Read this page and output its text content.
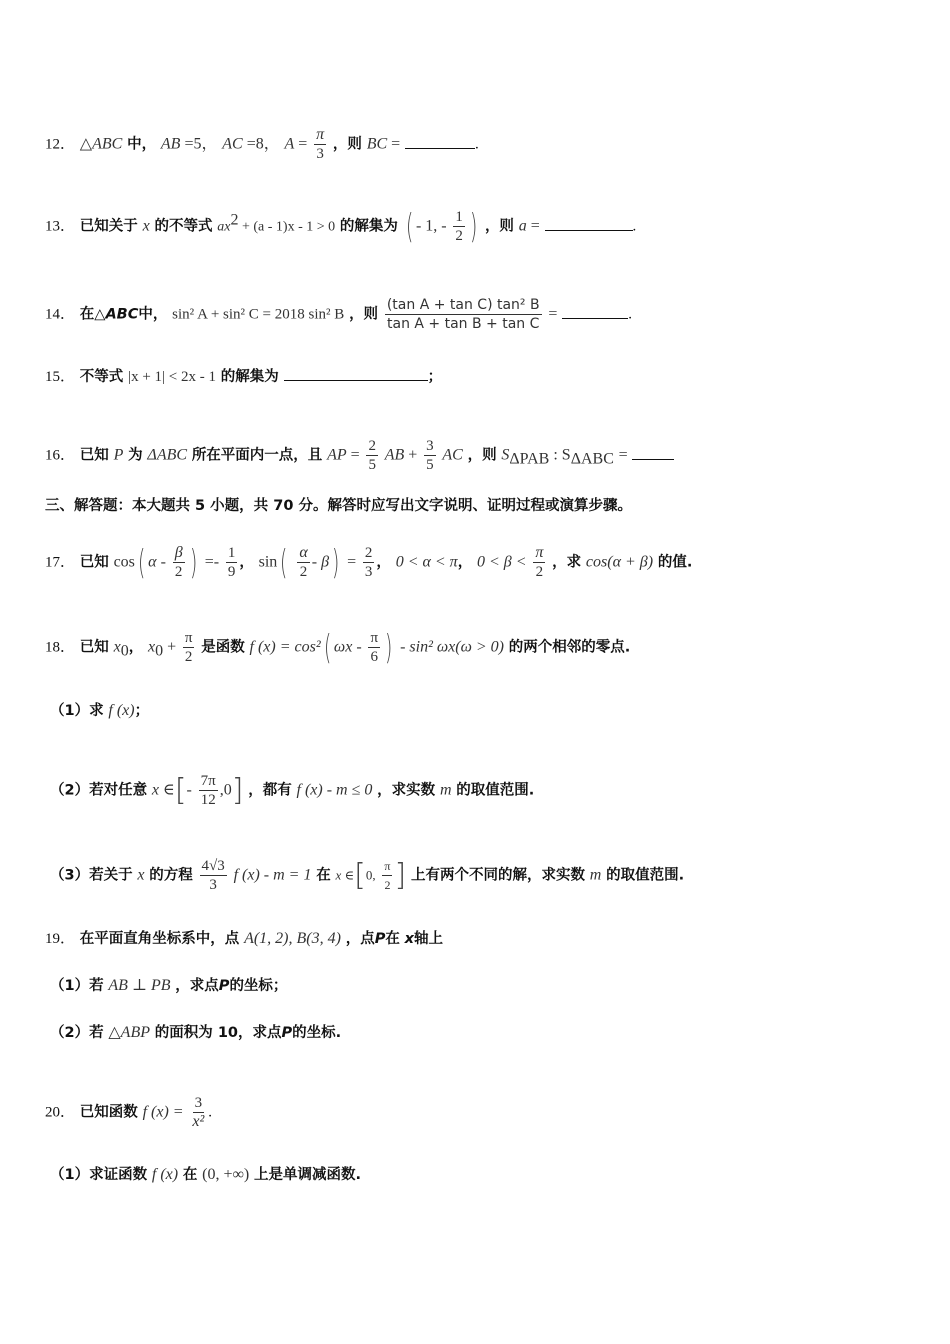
12． △ABC 中， AB =5， AC =8， $A = \frac{\pi}{3}$ ，则 BC =	.
13． 已知关于 x 的不等式 $ax^2 + (a - 1)x - 1 > 0$ 的解集为 ( - 1, - $\frac{1}{2}$ ) ，则 a =	.
14． 在△ABC中， sin² A + sin² C = 2018 sin² B ，则 $\frac{\text{(tan A + tan C) tan² B}}{\text{tan A + tan B + tan C}}$ =	.
15． 不等式 |x + 1| < 2x - 1 的解集为	；
16． 已知 P 为 ΔABC 所在平面内一点，且 AP = $\frac{2}{5}$ AB + $\frac{3}{5}$ AC ，则 $S_{\Delta PAB}$ : $S_{\Delta ABC}$ =
三、解答题：本大题共 5 小题，共 70 分。解答时应写出文字说明、证明过程或演算步骤。
17． 已知 cos( α - $\frac{\beta}{2}$ ) =- $\frac{1}{9}$ ， $\sin( \frac{\alpha}{2} - \beta) = \frac{2}{3}$ ， 0 < α < π， $0 < \beta < \frac{\pi}{2}$ ，求 cos(α + β) 的值.
18． 已知 $x_0$， $x_0 + \frac{\pi}{2}$ 是函数 f (x) = cos²( ωx - $\frac{\pi}{6}$ ) - sin² ωx(ω > 0) 的两个相邻的零点.
（1）求 f (x)；
（2）若对任意 x ∈[- $\frac{7\pi}{12} ,0$] ，都有 f (x) - m ≤ 0 ，求实数 m 的取值范围.
（3）若关于 x 的方程 $\frac{4√3}{3}$ f (x) - m = 1 在 x ∈[0, $\frac{\pi}{2}$ ] 上有两个不同的解，求实数 m 的取值范围.
19． 在平面直角坐标系中，点 A(1, 2), B(3, 4) ，点P在 x轴上
（1）若 AB ⊥ PB ，求点P的坐标；
（2）若 △ABP 的面积为 10，求点P的坐标.
20． 已知函数 f $(x) = \frac{3}{\text{x²}}$ .
（1）求证函数 f (x) 在 (0, +∞) 上是单调减函数.
